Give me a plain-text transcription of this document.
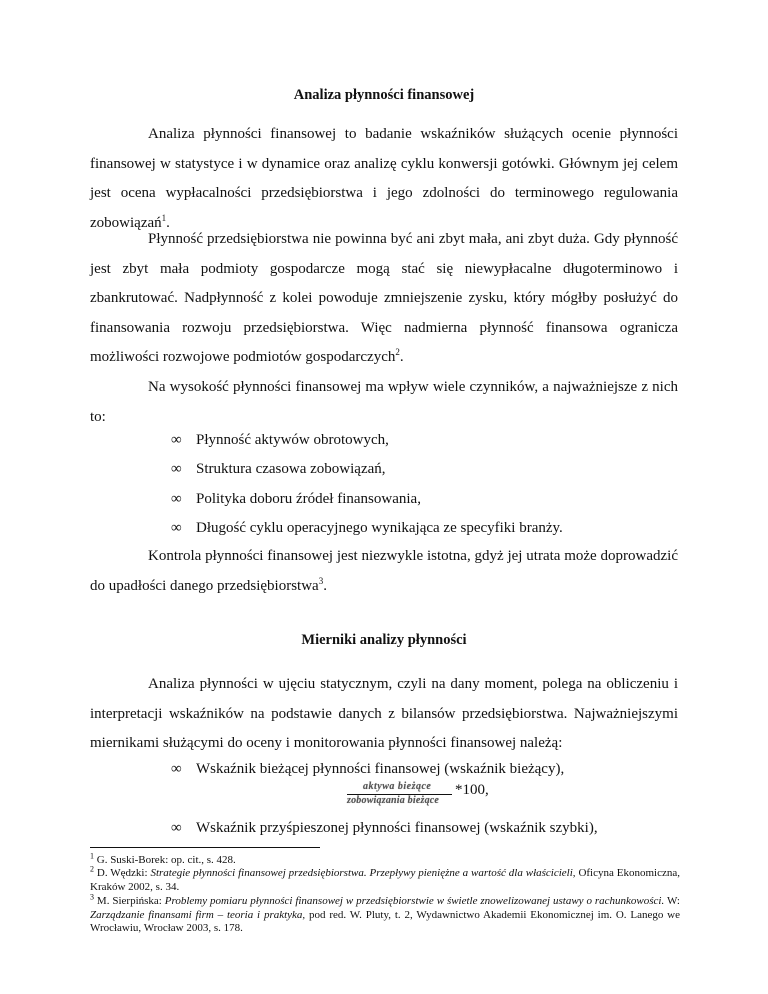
Analiza płynności finansowej

Analiza płynności finansowej to badanie wskaźników służących ocenie płynności finansowej w statystyce i w dynamice oraz analizę cyklu konwersji gotówki. Głównym jej celem jest ocena wypłacalności przedsiębiorstwa i jego zdolności do terminowego regulowania zobowiązań$^1$.

Płynność przedsiębiorstwa nie powinna być ani zbyt mała, ani zbyt duża. Gdy płynność jest zbyt mała podmioty gospodarcze mogą stać się niewypłacalne długoterminowo i zbankrutować. Nadpłynność z kolei powoduje zmniejszenie zysku, który mógłby posłużyć do finansowania rozwoju przedsiębiorstwa. Więc nadmierna płynność finansowa ogranicza możliwości rozwojowe podmiotów gospodarczych$^2$.

Na wysokość płynności finansowej ma wpływ wiele czynników, a najważniejsze z nich to:

∞ Płynność aktywów obrotowych,
∞ Struktura czasowa zobowiązań,
∞ Polityka doboru źródeł finansowania,
∞ Długość cyklu operacyjnego wynikająca ze specyfiki branży.

Kontrola płynności finansowej jest niezwykle istotna, gdyż jej utrata może doprowadzić do upadłości danego przedsiębiorstwa$^3$.

Mierniki analizy płynności

Analiza płynności w ujęciu statycznym, czyli na dany moment, polega na obliczeniu i interpretacji wskaźników na podstawie danych z bilansów przedsiębiorstwa. Najważniejszymi miernikami służącymi do oceny i monitorowania płynności finansowej należą:

∞ Wskaźnik bieżącej płynności finansowej (wskaźnik bieżący),
aktywa bieżące
zobowiązania bieżące
*100,
∞ Wskaźnik przyśpieszonej płynności finansowej (wskaźnik szybki),

$^1$ G. Suski-Borek: op. cit., s. 428.

$^2$ D. Wędzki: Strategie płynności finansowej przedsiębiorstwa. Przepływy pieniężne a wartość dla właścicieli, Oficyna Ekonomiczna, Kraków 2002, s. 34.

$^3$ M. Sierpińska: Problemy pomiaru płynności finansowej w przedsiębiorstwie w świetle znowelizowanej ustawy o rachunkowości. W: Zarządzanie finansami firm – teoria i praktyka, pod red. W. Pluty, t. 2, Wydawnictwo Akademii Ekonomicznej im. O. Lanego we Wrocławiu, Wrocław 2003, s. 178.
